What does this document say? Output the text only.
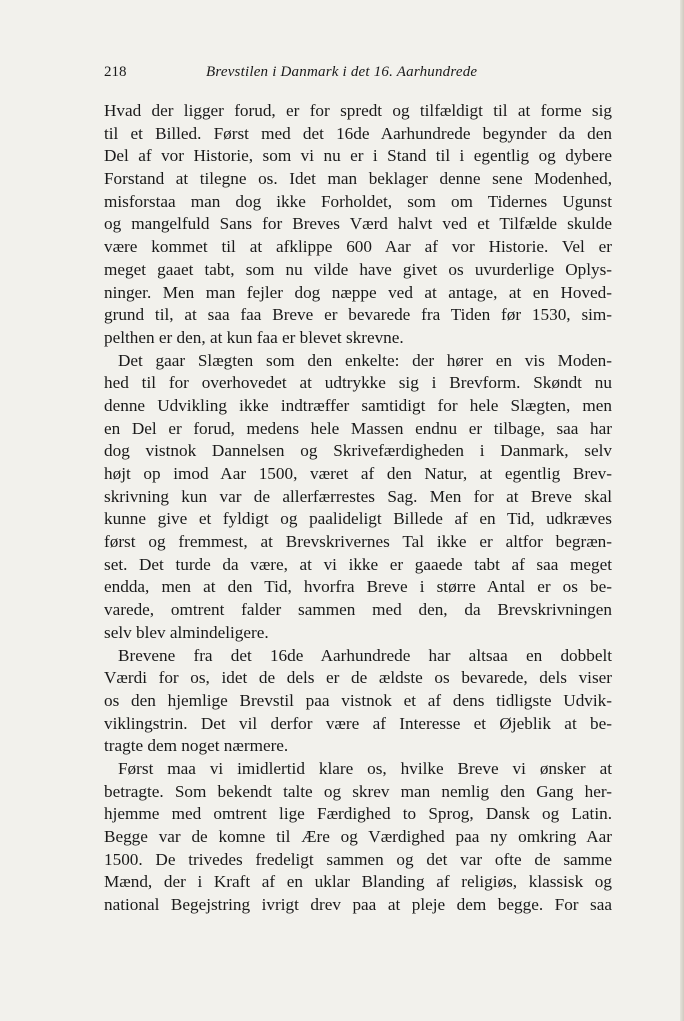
218	Brevstilen i Danmark i det 16. Aarhundrede
Hvad der ligger forud, er for spredt og tilfældigt til at forme sig
til et Billed. Først med det 16de Aarhundrede begynder da den
Del af vor Historie, som vi nu er i Stand til i egentlig og dybere
Forstand at tilegne os. Idet man beklager denne sene Modenhed,
misforstaa man dog ikke Forholdet, som om Tidernes Ugunst
og mangelfuld Sans for Breves Værd halvt ved et Tilfælde skulde
være kommet til at afklippe 600 Aar af vor Historie. Vel er
meget gaaet tabt, som nu vilde have givet os uvurderlige Oplys-
ninger. Men man fejler dog næppe ved at antage, at en Hoved-
grund til, at saa faa Breve er bevarede fra Tiden før 1530, sim-
pelthen er den, at kun faa er blevet skrevne.
Det gaar Slægten som den enkelte: der hører en vis Moden-
hed til for overhovedet at udtrykke sig i Brevform. Skøndt nu
denne Udvikling ikke indtræffer samtidigt for hele Slægten, men
en Del er forud, medens hele Massen endnu er tilbage, saa har
dog vistnok Dannelsen og Skrivefærdigheden i Danmark, selv
højt op imod Aar 1500, været af den Natur, at egentlig Brev-
skrivning kun var de allerfærrestes Sag. Men for at Breve skal
kunne give et fyldigt og paalideligt Billede af en Tid, udkræves
først og fremmest, at Brevskrivernes Tal ikke er altfor begræn-
set. Det turde da være, at vi ikke er gaaede tabt af saa meget
endda, men at den Tid, hvorfra Breve i større Antal er os be-
varede, omtrent falder sammen med den, da Brevskrivningen
selv blev almindeligere.
Brevene fra det 16de Aarhundrede har altsaa en dobbelt
Værdi for os, idet de dels er de ældste os bevarede, dels viser
os den hjemlige Brevstil paa vistnok et af dens tidligste Udvik-
viklingstrin. Det vil derfor være af Interesse et Øjeblik at be-
tragte dem noget nærmere.
Først maa vi imidlertid klare os, hvilke Breve vi ønsker at
betragte. Som bekendt talte og skrev man nemlig den Gang her-
hjemme med omtrent lige Færdighed to Sprog, Dansk og Latin.
Begge var de komne til Ære og Værdighed paa ny omkring Aar
1500. De trivedes fredeligt sammen og det var ofte de samme
Mænd, der i Kraft af en uklar Blanding af religiøs, klassisk og
national Begejstring ivrigt drev paa at pleje dem begge. For saa
